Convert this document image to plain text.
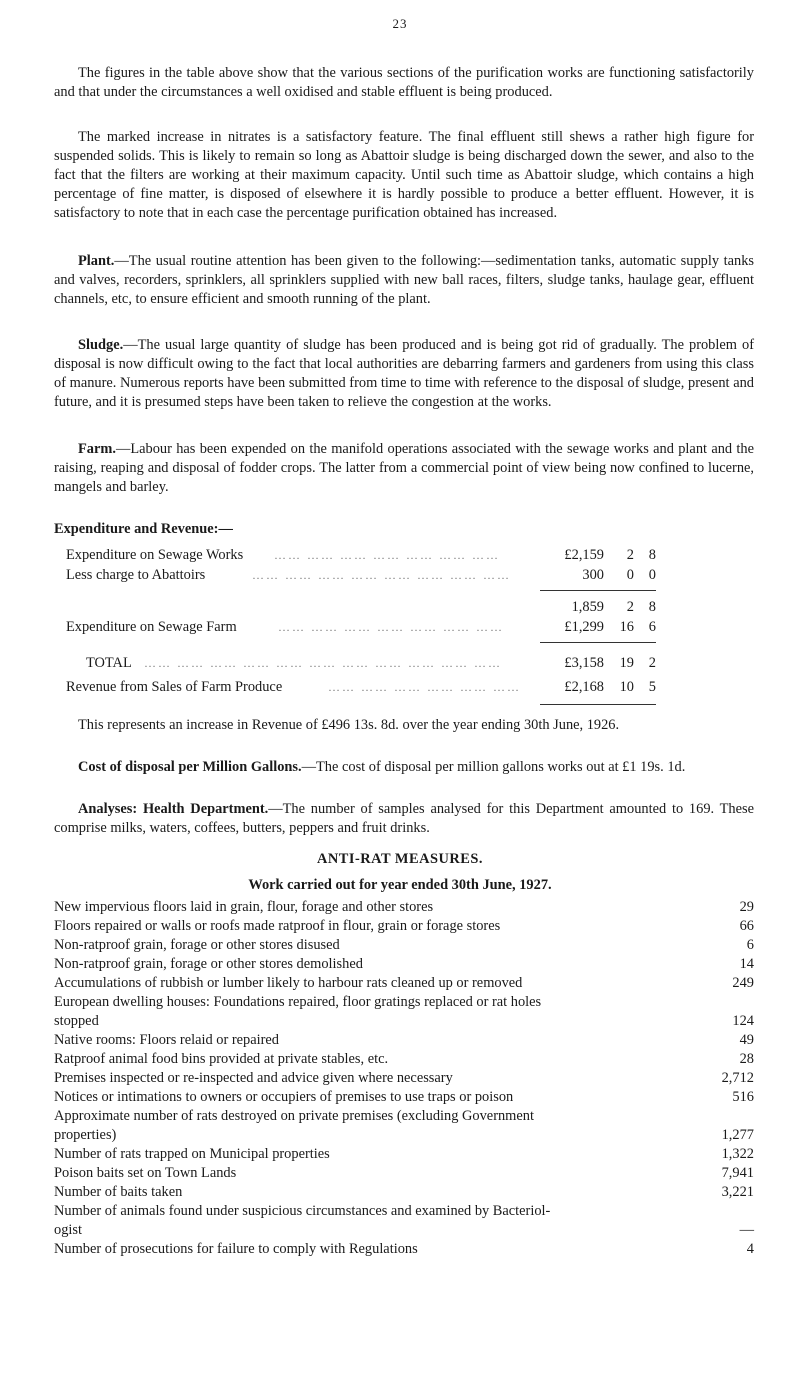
23

The figures in the table above show that the various sections of the purification works are functioning satisfactorily and that under the circumstances a well oxidised and stable effluent is being produced.

The marked increase in nitrates is a satisfactory feature. The final effluent still shews a rather high figure for suspended solids. This is likely to remain so long as Abattoir sludge is being discharged down the sewer, and also to the fact that the filters are working at their maximum capacity. Until such time as Abattoir sludge, which contains a high percentage of fine matter, is disposed of elsewhere it is hardly possible to produce a better effluent. However, it is satisfactory to note that in each case the percentage purification obtained has increased.

Plant.—The usual routine attention has been given to the following:—sedimentation tanks, automatic supply tanks and valves, recorders, sprinklers, all sprinklers supplied with new ball races, filters, sludge tanks, haulage gear, effluent channels, etc, to ensure efficient and smooth running of the plant.

Sludge.—The usual large quantity of sludge has been produced and is being got rid of gradually. The problem of disposal is now difficult owing to the fact that local authorities are debarring farmers and gardeners from using this class of manure. Numerous reports have been submitted from time to time with reference to the disposal of sludge, present and future, and it is presumed steps have been taken to relieve the congestion at the works.

Farm.—Labour has been expended on the manifold operations associated with the sewage works and plant and the raising, reaping and disposal of fodder crops. The latter from a commercial point of view being now confined to lucerne, mangels and barley.

Expenditure and Revenue:—
Expenditure on Sewage Works	…… …… …… …… …… …… ……	£2,159 2 8
Less charge to Abattoirs	…… …… …… …… …… …… …… ……	300 0 0
1,859 2 8
Expenditure on Sewage Farm	…… …… …… …… …… …… ……	£1,299 16 6
TOTAL …… …… …… …… …… …… …… …… …… …… ……	£3,158 19 2
Revenue from Sales of Farm Produce	…… …… …… …… …… ……	£2,168 10 5

This represents an increase in Revenue of £496 13s. 8d. over the year ending 30th June, 1926.

Cost of disposal per Million Gallons.—The cost of disposal per million gallons works out at £1 19s. 1d.

Analyses: Health Department.—The number of samples analysed for this Department amounted to 169. These comprise milks, waters, coffees, butters, peppers and fruit drinks.

ANTI-RAT MEASURES.
Work carried out for year ended 30th June, 1927.
New impervious floors laid in grain, flour, forage and other stores	29
Floors repaired or walls or roofs made ratproof in flour, grain or forage stores	66
Non-ratproof grain, forage or other stores disused	6
Non-ratproof grain, forage or other stores demolished	14
Accumulations of rubbish or lumber likely to harbour rats cleaned up or removed	249
European dwelling houses: Foundations repaired, floor gratings replaced or rat holes
stopped	124
Native rooms: Floors relaid or repaired	49
Ratproof animal food bins provided at private stables, etc.	28
Premises inspected or re-inspected and advice given where necessary	2,712
Notices or intimations to owners or occupiers of premises to use traps or poison	516
Approximate number of rats destroyed on private premises (excluding Government
properties)	1,277
Number of rats trapped on Municipal properties	1,322
Poison baits set on Town Lands	7,941
Number of baits taken	3,221
Number of animals found under suspicious circumstances and examined by Bacteriol-
ogist	—
Number of prosecutions for failure to comply with Regulations	4
